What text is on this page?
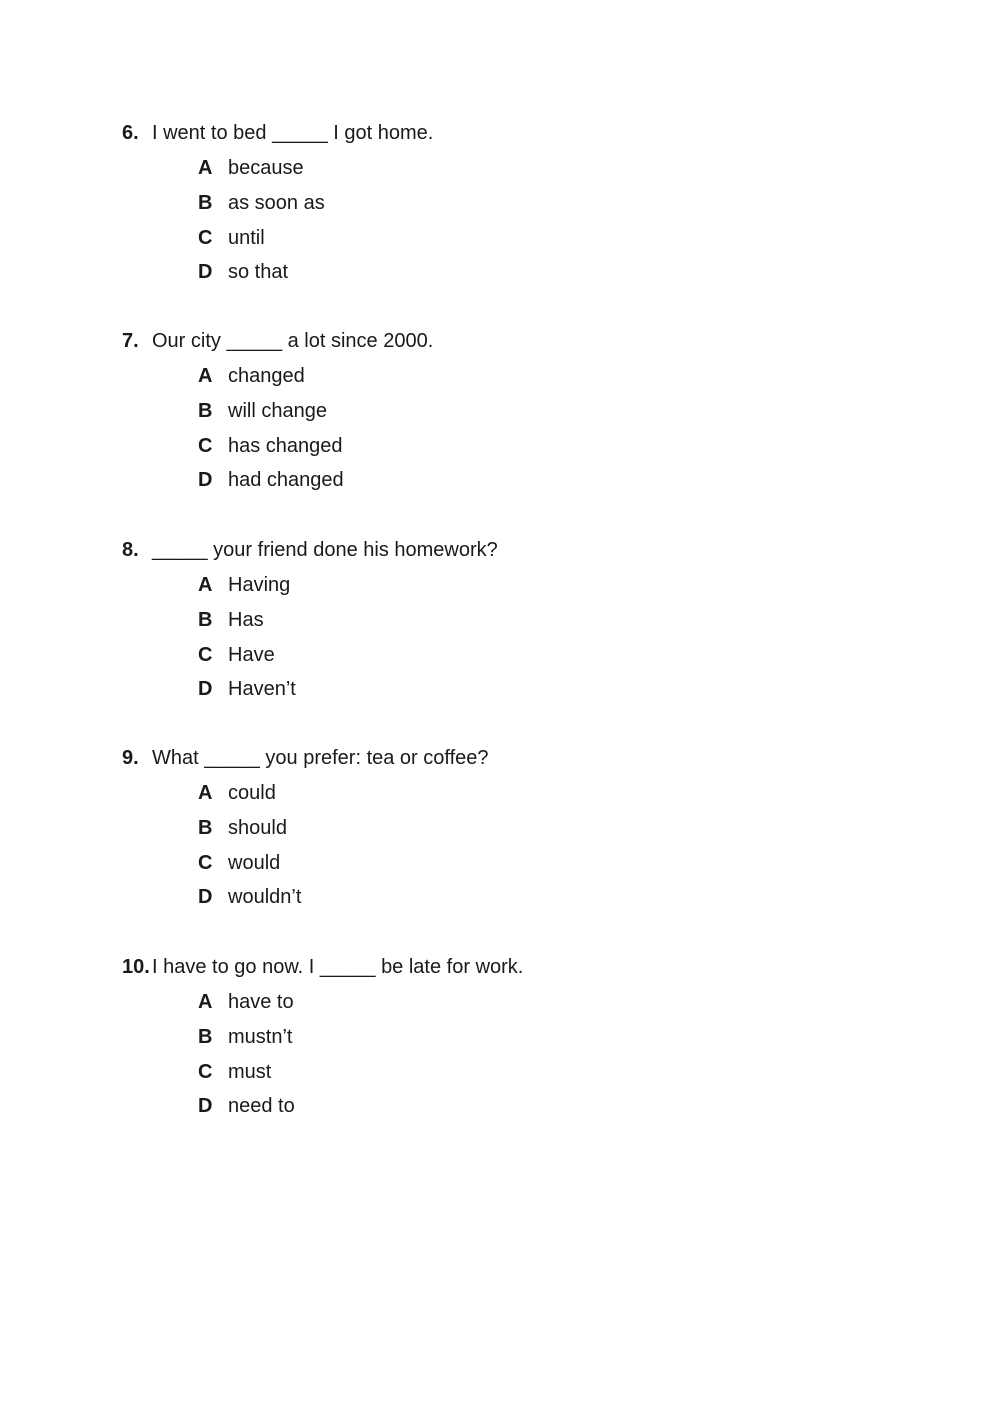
6. I went to bed _____ I got home.
A because
B as soon as
C until
D so that
7. Our city _____ a lot since 2000.
A changed
B will change
C has changed
D had changed
8. _____ your friend done his homework?
A Having
B Has
C Have
D Haven’t
9. What _____ you prefer: tea or coffee?
A could
B should
C would
D wouldn’t
10. I have to go now. I _____ be late for work.
A have to
B mustn’t
C must
D need to
